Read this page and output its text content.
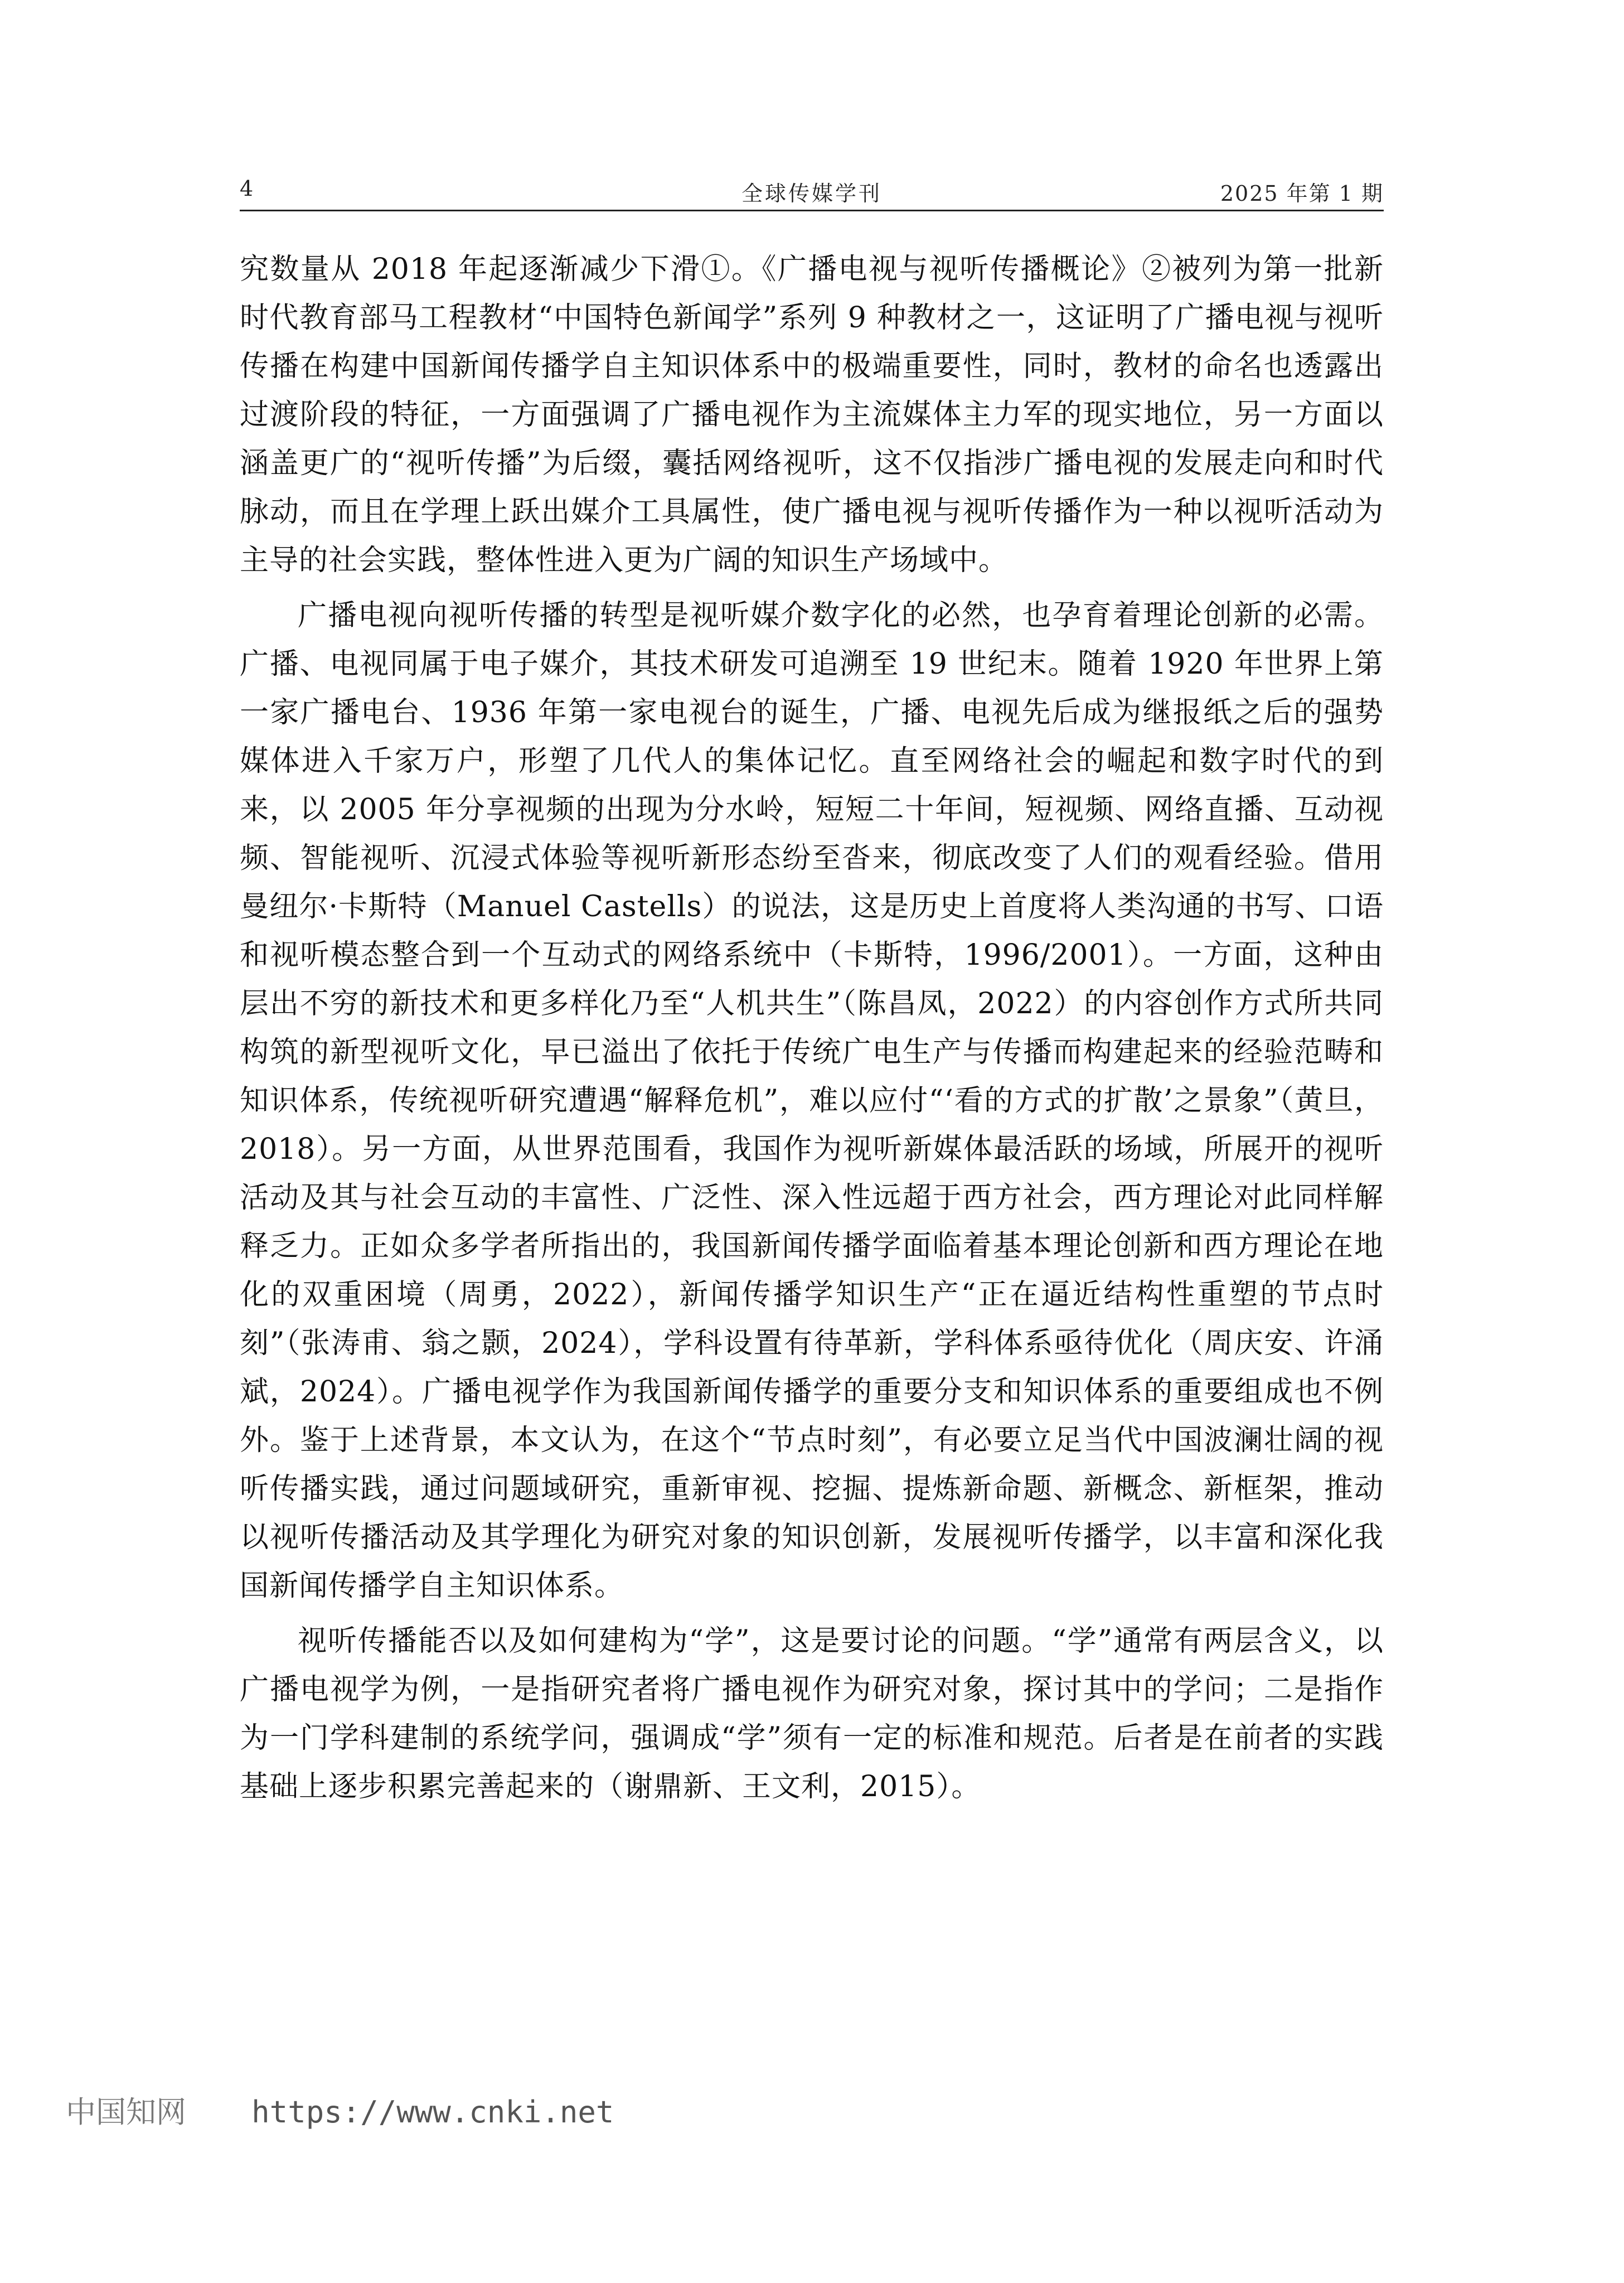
4	全球传媒学刊	2025 年第 1 期

究数量从 2018 年起逐渐减少下滑①。《广播电视与视听传播概论》②被列为第一批新时代教育部马工程教材“中国特色新闻学”系列 9 种教材之一，这证明了广播电视与视听传播在构建中国新闻传播学自主知识体系中的极端重要性，同时，教材的命名也透露出过渡阶段的特征，一方面强调了广播电视作为主流媒体主力军的现实地位，另一方面以涵盖更广的“视听传播”为后缀，囊括网络视听，这不仅指涉广播电视的发展走向和时代脉动，而且在学理上跃出媒介工具属性，使广播电视与视听传播作为一种以视听活动为主导的社会实践，整体性进入更为广阔的知识生产场域中。

广播电视向视听传播的转型是视听媒介数字化的必然，也孕育着理论创新的必需。广播、电视同属于电子媒介，其技术研发可追溯至 19 世纪末。随着 1920 年世界上第一家广播电台、1936 年第一家电视台的诞生，广播、电视先后成为继报纸之后的强势媒体进入千家万户，形塑了几代人的集体记忆。直至网络社会的崛起和数字时代的到来，以 2005 年分享视频的出现为分水岭，短短二十年间，短视频、网络直播、互动视频、智能视听、沉浸式体验等视听新形态纷至沓来，彻底改变了人们的观看经验。借用曼纽尔·卡斯特（Manuel Castells）的说法，这是历史上首度将人类沟通的书写、口语和视听模态整合到一个互动式的网络系统中（卡斯特，1996/2001）。一方面，这种由层出不穷的新技术和更多样化乃至“人机共生”（陈昌凤，2022）的内容创作方式所共同构筑的新型视听文化，早已溢出了依托于传统广电生产与传播而构建起来的经验范畴和知识体系，传统视听研究遭遇“解释危机”，难以应付“‘看的方式的扩散’之景象”（黄旦，2018）。另一方面，从世界范围看，我国作为视听新媒体最活跃的场域，所展开的视听活动及其与社会互动的丰富性、广泛性、深入性远超于西方社会，西方理论对此同样解释乏力。正如众多学者所指出的，我国新闻传播学面临着基本理论创新和西方理论在地化的双重困境（周勇，2022），新闻传播学知识生产“正在逼近结构性重塑的节点时刻”（张涛甫、翁之颢，2024），学科设置有待革新，学科体系亟待优化（周庆安、许涌斌，2024）。广播电视学作为我国新闻传播学的重要分支和知识体系的重要组成也不例外。鉴于上述背景，本文认为，在这个“节点时刻”，有必要立足当代中国波澜壮阔的视听传播实践，通过问题域研究，重新审视、挖掘、提炼新命题、新概念、新框架，推动以视听传播活动及其学理化为研究对象的知识创新，发展视听传播学，以丰富和深化我国新闻传播学自主知识体系。

视听传播能否以及如何建构为“学”，这是要讨论的问题。“学”通常有两层含义，以广播电视学为例，一是指研究者将广播电视作为研究对象，探讨其中的学问；二是指作为一门学科建制的系统学问，强调成“学”须有一定的标准和规范。后者是在前者的实践基础上逐步积累完善起来的（谢鼎新、王文利，2015）。

中国知网 https://www.cnki.net
